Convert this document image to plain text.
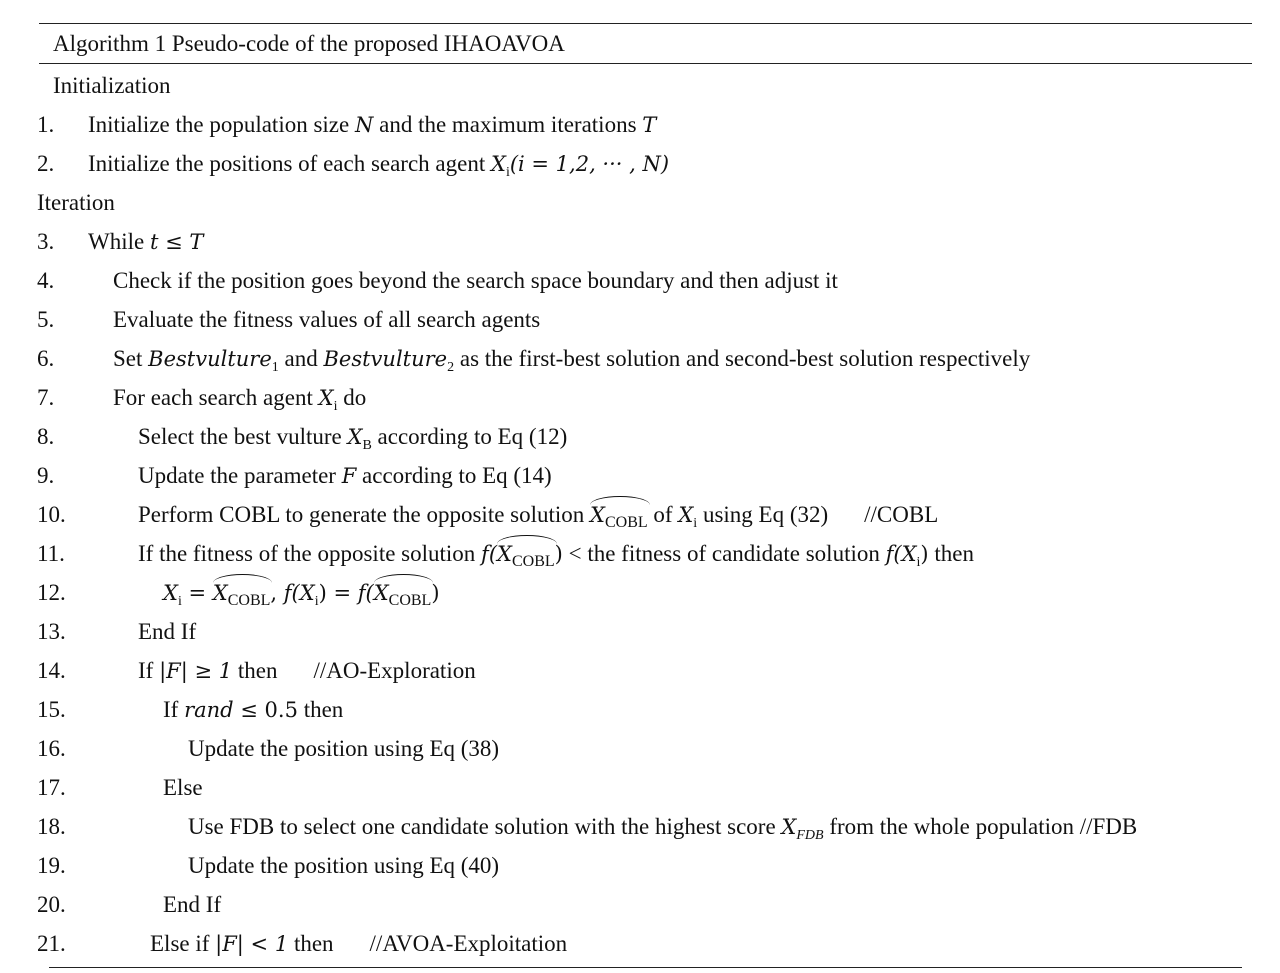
Algorithm 1 Pseudo-code of the proposed IHAOAVOA
Initialization
1. Initialize the population size N and the maximum iterations T
2. Initialize the positions of each search agent $X_i(i = 1,2$, ··· , N)
Iteration
3. While t ≤ T
4.	Check if the position goes beyond the search space boundary and then adjust it
5.	Evaluate the fitness values of all search agents
6.	Set Bestvulture$_1$ and Bestvulture$_2$ as the first-best solution and second-best solution respectively
7.	For each search agent $X_i$ do
8.	Select the best vulture $X_B$ according to Eq (12)
9.	Update the parameter F according to Eq (14)
10.	Perform COBL to generate the opposite solution $X_{COBL}$ of $X_i$ using Eq (32) //COBL
11.	If the fitness of the opposite solution $f(X_{COBL})$ < the fitness of candidate solution $f(X_i)$ then
12.	$X_i = X_{COBL}$, $f(X_i) = f(X_{COBL})$
13.	End If
14.	If |F| ≥ 1 then //AO-Exploration
15.	If rand ≤ 0.5 then
16.	Update the position using Eq (38)
17.	Else
18.	Use FDB to select one candidate solution with the highest score $X_{FDB}$ from the whole population //FDB
19.	Update the position using Eq (40)
20.	End If
21.	Else if |F| < 1 then //AVOA-Exploitation
